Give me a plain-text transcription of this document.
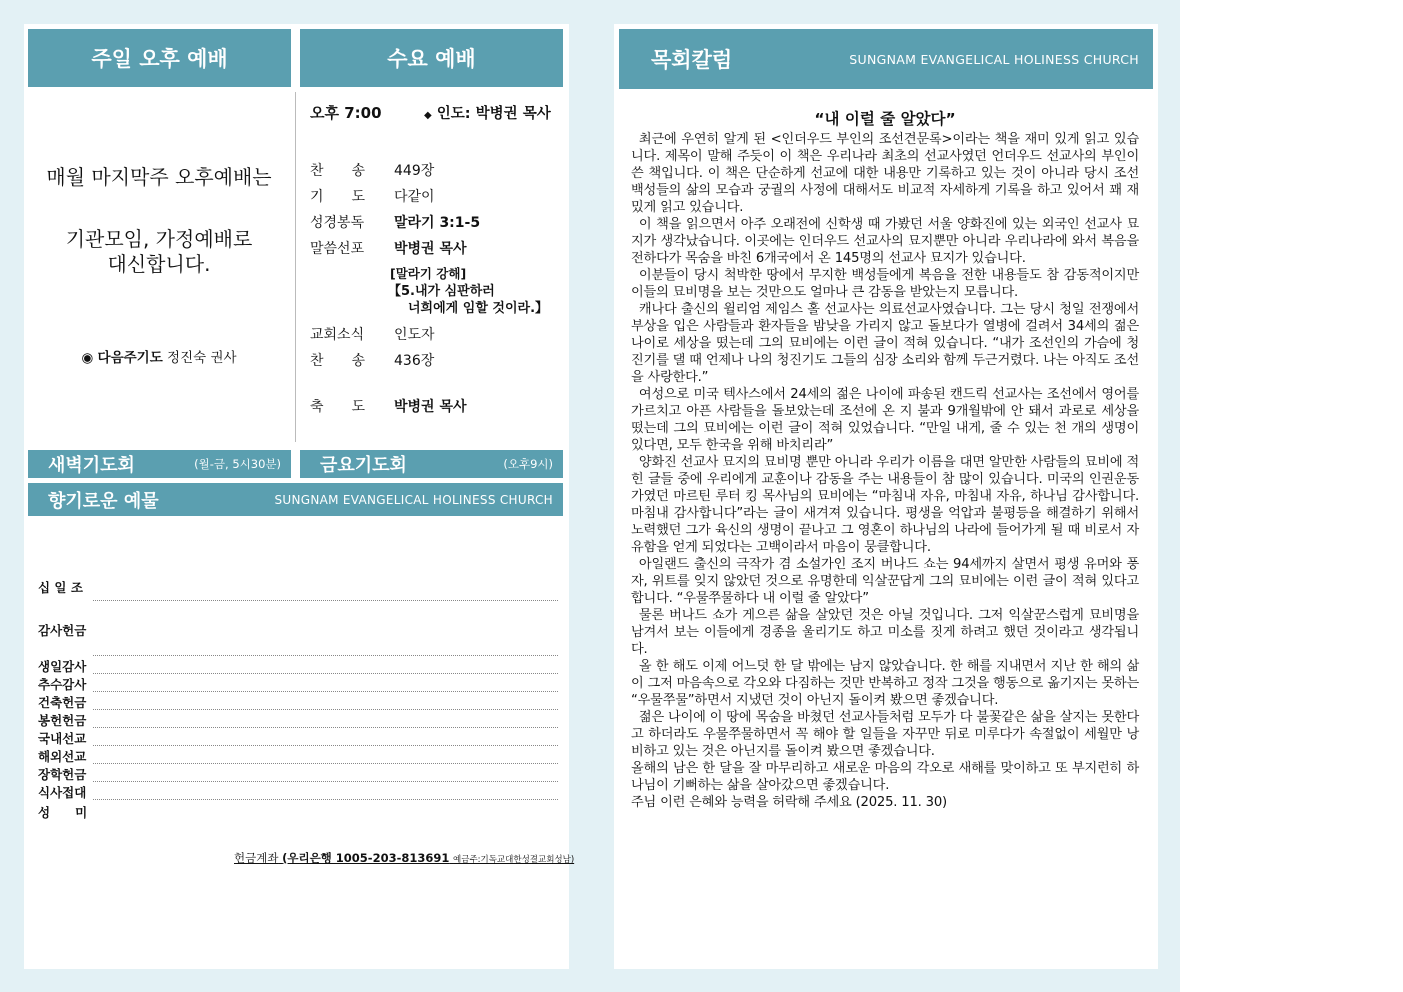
주일 오후 예배	수요 예배
매월 마지막주 오후예배는
기관모임, 가정예배로
대신합니다.
◉ 다음주기도 정진숙 권사
오후 7:00	◆ 인도: 박병권 목사
찬　　송 449장
기　　도 다같이
성경봉독 말라기 3:1-5
말씀선포 박병권 목사
[말라기 강해]
【5.내가 심판하러
너희에게 임할 것이라.】
교회소식 인도자
찬　　송 436장
축　　도 박병권 목사
새벽기도회	(월-금, 5시30분) 금요기도회	(오후9시)
향기로운 예물	SUNGNAM EVANGELICAL HOLINESS CHURCH
십 일 조
감사헌금
생일감사
추수감사
건축헌금
봉헌헌금
국내선교
해외선교
장학헌금
식사접대
성　　미
헌금계좌 (우리은행 1005-203-813691 예금주:기독교대한성결교회성남)
목회칼럼	SUNGNAM EVANGELICAL HOLINESS CHURCH
“내 이럴 줄 알았다”

최근에 우연히 알게 된 <인더우드 부인의 조선견문록>이라는 책을 재미 있게 읽고 있습니다. 제목이 말해 주듯이 이 책은 우리나라 최초의 선교사였던 언더우드 선교사의 부인이 쓴 책입니다. 이 책은 단순하게 선교에 대한 내용만 기록하고 있는 것이 아니라 당시 조선 백성들의 삶의 모습과 궁궐의 사정에 대해서도 비교적 자세하게 기록을 하고 있어서 꽤 재밌게 읽고 있습니다.

이 책을 읽으면서 아주 오래전에 신학생 때 가봤던 서울 양화진에 있는 외국인 선교사 묘지가 생각났습니다. 이곳에는 인더우드 선교사의 묘지뿐만 아니라 우리나라에 와서 복음을 전하다가 목숨을 바친 6개국에서 온 145명의 선교사 묘지가 있습니다.

이분들이 당시 척박한 땅에서 무지한 백성들에게 복음을 전한 내용들도 참 감동적이지만 이들의 묘비명을 보는 것만으도 얼마나 큰 감동을 받았는지 모릅니다.

캐나다 출신의 윌리엄 제임스 홀 선교사는 의료선교사였습니다. 그는 당시 청일 전쟁에서 부상을 입은 사람들과 환자들을 밤낮을 가리지 않고 돌보다가 열병에 걸려서 34세의 젊은 나이로 세상을 떴는데 그의 묘비에는 이런 글이 적혀 있습니다. “내가 조선인의 가슴에 청진기를 댈 때 언제나 나의 청진기도 그들의 심장 소리와 함께 두근거렸다. 나는 아직도 조선을 사랑한다.”

여성으로 미국 텍사스에서 24세의 젊은 나이에 파송된 캔드릭 선교사는 조선에서 영어를 가르치고 아픈 사람들을 돌보았는데 조선에 온 지 불과 9개월밖에 안 돼서 과로로 세상을 떴는데 그의 묘비에는 이런 글이 적혀 있었습니다. “만일 내게, 줄 수 있는 천 개의 생명이 있다면, 모두 한국을 위해 바치리라”

양화진 선교사 묘지의 묘비명 뿐만 아니라 우리가 이름을 대면 알만한 사람들의 묘비에 적힌 글들 중에 우리에게 교훈이나 감동을 주는 내용들이 참 많이 있습니다. 미국의 인권운동가였던 마르틴 루터 킹 목사님의 묘비에는 “마침내 자유, 마침내 자유, 하나님 감사합니다. 마침내 감사합니다”라는 글이 새겨져 있습니다. 평생을 억압과 불평등을 해결하기 위해서 노력했던 그가 육신의 생명이 끝나고 그 영혼이 하나님의 나라에 들어가게 될 때 비로서 자유함을 얻게 되었다는 고백이라서 마음이 뭉클합니다.

아일랜드 출신의 극작가 겸 소설가인 조지 버나드 쇼는 94세까지 살면서 평생 유머와 풍자, 위트를 잊지 않았던 것으로 유명한데 익살꾼답게 그의 묘비에는 이런 글이 적혀 있다고 합니다. “우물쭈물하다 내 이럴 줄 알았다”

물론 버나드 쇼가 게으른 삶을 살았던 것은 아닐 것입니다. 그저 익살꾼스럽게 묘비명을 남겨서 보는 이들에게 경종을 울리기도 하고 미소를 짓게 하려고 했던 것이라고 생각됩니다.

올 한 해도 이제 어느덧 한 달 밖에는 남지 않았습니다. 한 해를 지내면서 지난 한 해의 삶이 그저 마음속으로 각오와 다짐하는 것만 반복하고 정작 그것을 행동으로 옮기지는 못하는 “우물쭈물”하면서 지냈던 것이 아닌지 돌이켜 봤으면 좋겠습니다.

젊은 나이에 이 땅에 목숨을 바쳤던 선교사들처럼 모두가 다 불꽃같은 삶을 살지는 못한다고 하더라도 우물쭈물하면서 꼭 해야 할 일들을 자꾸만 뒤로 미루다가 속절없이 세월만 낭비하고 있는 것은 아닌지를 돌이켜 봤으면 좋겠습니다.

올해의 남은 한 달을 잘 마무리하고 새로운 마음의 각오로 새해를 맞이하고 또 부지런히 하나님이 기뻐하는 삶을 살아갔으면 좋겠습니다.

주님 이런 은혜와 능력을 허락해 주세요 (2025. 11. 30)
